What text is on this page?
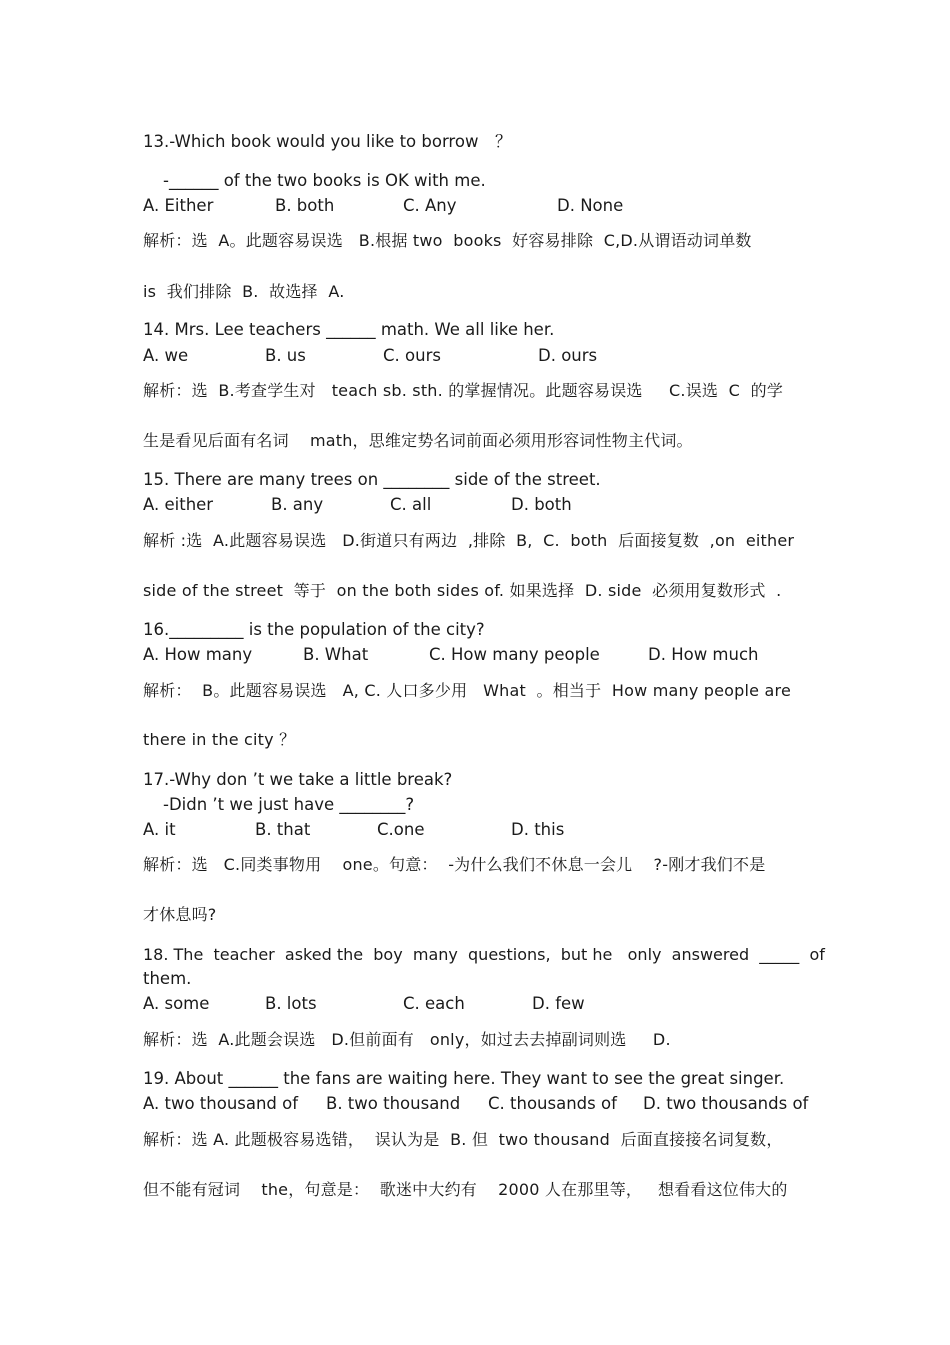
13.-Which book would you like to borrow　？
-______ of the two books is OK with me.
A. Either	B. both	C. Any	D. None
解析：选  A。此题容易误选   B.根据 two  books  好容易排除  C,D.从谓语动词单数
is  我们排除  B.  故选择  A.
14. Mrs. Lee teachers ______ math. We all like her.
A. we	B. us	C. ours	D. ours
解析：选  B.考查学生对   teach sb. sth. 的掌握情况。此题容易误选     C.误选  C  的学
生是看见后面有名词    math，思维定势名词前面必须用形容词性物主代词。
15. There are many trees on ________ side of the street.
A. either	B. any	C. all	D. both
解析 :选  A.此题容易误选   D.街道只有两边  ,排除  B,  C.  both  后面接复数  ,on  either
side of the street  等于  on the both sides of. 如果选择  D. side  必须用复数形式  .
16._________ is the population of the city?
A. How many	B. What	C. How many people	D. How much
解析：  B。此题容易误选   A, C. 人口多少用   What  。相当于  How many people are
there in the city ？
17.-Why don ’t we take a little break?
-Didn ’t we just have ________?
A. it	B. that	C.one	D. this
解析：选   C.同类事物用    one。句意：  -为什么我们不休息一会儿    ?-刚才我们不是
才休息吗?
18. The  teacher  asked the  boy  many  questions,  but he   only  answered  _____  of
them.
A. some	B. lots	C. each	D. few
解析：选  A.此题会误选   D.但前面有   only，如过去去掉副词则选     D.
19. About ______ the fans are waiting here. They want to see the great singer.
A. two thousand of B. two thousand C. thousands of D. two thousands of
解析：选 A. 此题极容易选错，  误认为是  B. 但  two thousand  后面直接接名词复数，
但不能有冠词    the，句意是：  歌迷中大约有    2000 人在那里等，   想看看这位伟大的
